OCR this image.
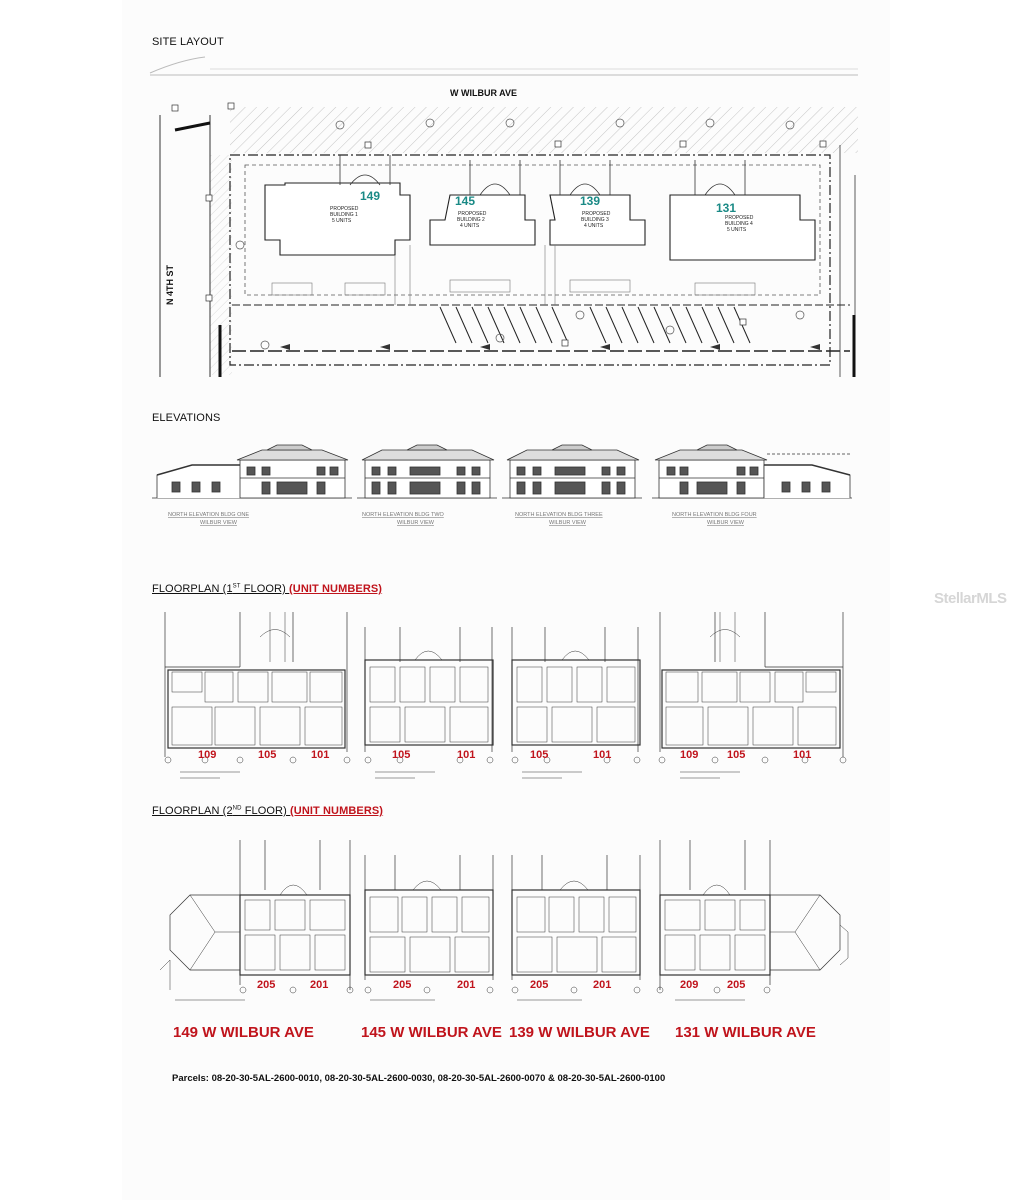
SITE LAYOUT
W WILBUR AVE
N 4TH ST
149
PROPOSED
BUILDING 1
5 UNITS
145
PROPOSED
BUILDING 2
4 UNITS
139
PROPOSED
BUILDING 3
4 UNITS
131
PROPOSED
BUILDING 4
5 UNITS
ELEVATIONS
NORTH ELEVATION BLDG ONE
WILBUR VIEW
NORTH ELEVATION BLDG TWO
WILBUR VIEW
NORTH ELEVATION BLDG THREE
WILBUR VIEW
NORTH ELEVATION BLDG FOUR
WILBUR VIEW
FLOORPLAN (1ST FLOOR) (UNIT NUMBERS)
StellarMLS
109	105	101	105	101	105	101	109	105	101
FLOORPLAN (2ND FLOOR) (UNIT NUMBERS)
205	201	205	201	205	201	209	205
149 W WILBUR AVE	145 W WILBUR AVE 139 W WILBUR AVE 131 W WILBUR AVE
Parcels: 08-20-30-5AL-2600-0010, 08-20-30-5AL-2600-0030, 08-20-30-5AL-2600-0070 & 08-20-30-5AL-2600-0100
